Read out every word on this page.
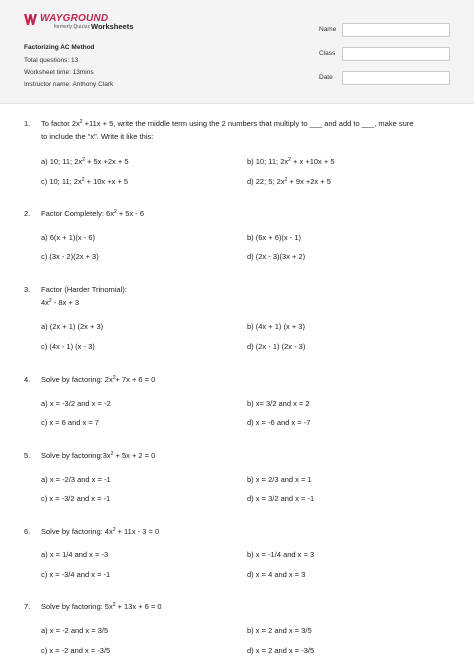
WAYGROUND
formerly Quizizz Worksheets
Factorizing AC Method
Total questions: 13
Worksheet time: 13mins
Instructor name: Anthony Clark
Name
Class
Date
1. To factor $2x^2 +11x + 5$, write the middle term using the 2 numbers that multiply to ___ and add to ___, make sure
to include the "x". Write it like this:
a) 10; 11; $2x^2 + 5x +2x + 5$	b) 10; 11; $2x^2 + x +10x + 5$
c) 10; 11; $2x^2 + 10x +x + 5$	d) 22; 5; $2x^2 + 9x +2x + 5$
2. Factor Completely: $6x^2 + 5x - 6$
a) 6(x + 1)(x - 6)	b) (6x + 6)(x - 1)
c) (3x - 2)(2x + 3)	d) (2x - 3)(3x + 2)
3. Factor (Harder Trinomial):
$4x^2 - 8x + 3$
a) (2x + 1) (2x + 3)	b) (4x + 1) (x + 3)
c) (4x - 1) (x - 3)	d) (2x - 1) (2x - 3)
4. Solve by factoring: $2x^2+ 7x + 6 = 0$
a) x = -3/2 and x = -2	b) x= 3/2 and x = 2
c) x = 6 and x = 7	d) x = -6 and x = -7
5. Solve by $factoring:3x^2 + 5x + 2 = 0$
a) x = -2/3 and x = -1	b) x = 2/3 and x = 1
c) x = -3/2 and x = -1	d) x = 3/2 and x = -1
6. Solve by factoring: $4x^2 + 11x - 3 = 0$
a) x = 1/4 and x = -3	b) x = -1/4 and x = 3
c) x = -3/4 and x = -1	d) x = 4 and x = 3
7. Solve by factoring: $5x^2 + 13x + 6 = 0$
a) x = -2 and x = 3/5	b) x = 2 and x = 3/5
c) x = -2 and x = -3/5	d) x = 2 and x = -3/5
